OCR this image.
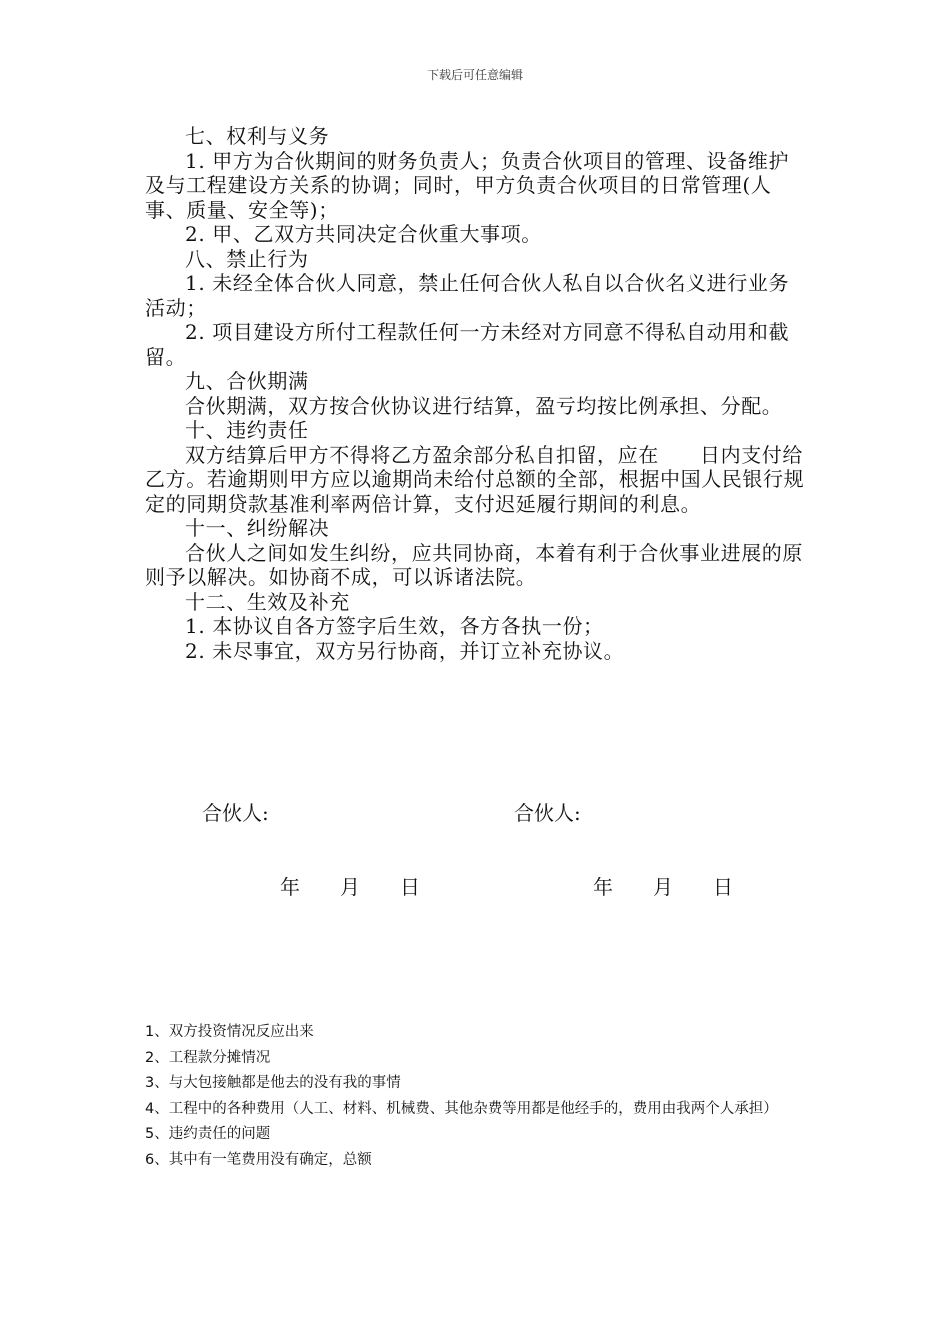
下载后可任意编辑

七、权利与义务

1. 甲方为合伙期间的财务负责人；负责合伙项目的管理、设备维护及与工程建设方关系的协调；同时，甲方负责合伙项目的日常管理(人事、质量、安全等)；

2. 甲、乙双方共同决定合伙重大事项。

八、禁止行为

1. 未经全体合伙人同意，禁止任何合伙人私自以合伙名义进行业务活动；

2. 项目建设方所付工程款任何一方未经对方同意不得私自动用和截留。

九、合伙期满

合伙期满，双方按合伙协议进行结算，盈亏均按比例承担、分配。

十、违约责任

双方结算后甲方不得将乙方盈余部分私自扣留，应在　　日内支付给乙方。若逾期则甲方应以逾期尚未给付总额的全部，根据中国人民银行规定的同期贷款基准利率两倍计算，支付迟延履行期间的利息。

十一、纠纷解决

合伙人之间如发生纠纷，应共同协商，本着有利于合伙事业进展的原则予以解决。如协商不成，可以诉诸法院。

十二、生效及补充

1. 本协议自各方签字后生效，各方各执一份；

2. 未尽事宜，双方另行协商，并订立补充协议。

合伙人:	合伙人:
年　　月　　日	年　　月　　日

1、双方投资情况反应出来

2、工程款分摊情况

3、与大包接触都是他去的没有我的事情

4、工程中的各种费用（人工、材料、机械费、其他杂费等用都是他经手的，费用由我两个人承担）

5、违约责任的问题

6、其中有一笔费用没有确定，总额
